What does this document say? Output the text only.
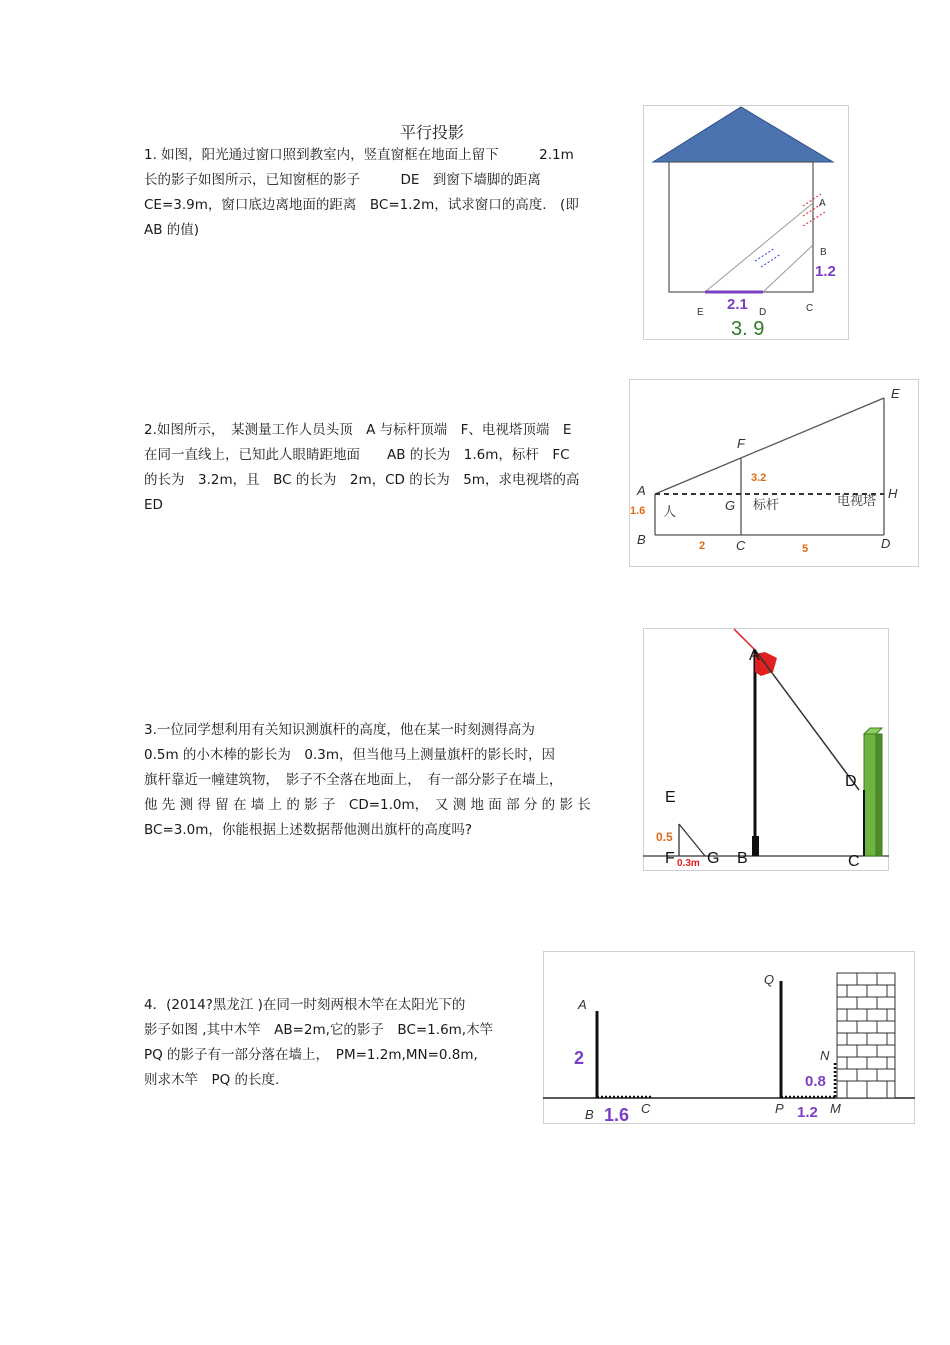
平行投影
1. 如图，阳光通过窗口照到教室内，竖直窗框在地面上留下　　　2.1m
长的影子如图所示，已知窗框的影子　　　DE　到窗下墙脚的距离
CE=3.9m，窗口底边离地面的距离　BC=1.2m，试求窗口的高度.　(即
AB 的值)
A
B
1.2
2.1
E	D	C
3. 9
2.如图所示，　某测量工作人员头顶　A 与标杆顶端　F、电视塔顶端　E
在同一直线上，已知此人眼睛距地面　　AB 的长为　1.6m，标杆　FC
的长为　3.2m，且　BC 的长为　2m，CD 的长为　5m，求电视塔的高
ED
E
F
A
G
H
B	C	D
1.6
3.2
2	5
人	标杆	电视塔
3.一位同学想利用有关知识测旗杆的高度，他在某一时刻测得高为
0.5m 的小木棒的影长为　0.3m，但当他马上测量旗杆的影长时，因
旗杆靠近一幢建筑物，　影子不全落在地面上，　有一部分影子在墙上，
他 先 测 得 留 在 墙 上 的 影 子　CD=1.0m，　又 测 地 面 部 分 的 影 长
BC=3.0m，你能根据上述数据帮他测出旗杆的高度吗?
A
B	C
D
E
F G
0.5
0.3m
4．(2014?黑龙江 )在同一时刻两根木竿在太阳光下的
影子如图 ,其中木竿　AB=2m,它的影子　BC=1.6m,木竿
PQ 的影子有一部分落在墙上，　PM=1.2m,MN=0.8m,
则求木竿　PQ 的长度.
A
B	C
Q
P	M
N
2
1.6	1.2
0.8
